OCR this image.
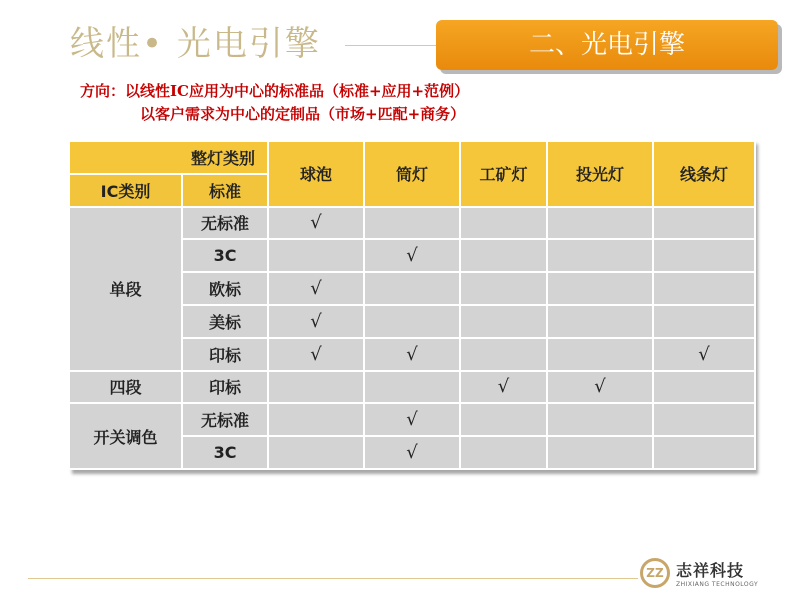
线性• 光电引擎	二、光电引擎
方向：以线性IC应用为中心的标准品（标准+应用+范例）
以客户需求为中心的定制品（市场+匹配+商务）
整灯类别		球泡	筒灯	工矿灯	投光灯	线条灯
IC类别	标准					
单段	无标准	√				
	3C		√			
	欧标	√				
	美标	√				
	印标	√	√			√
四段	印标			√	√	
开关调色	无标准		√			
	3C		√			
ZZ 志祥科技
ZHIXIANG TECHNOLOGY
